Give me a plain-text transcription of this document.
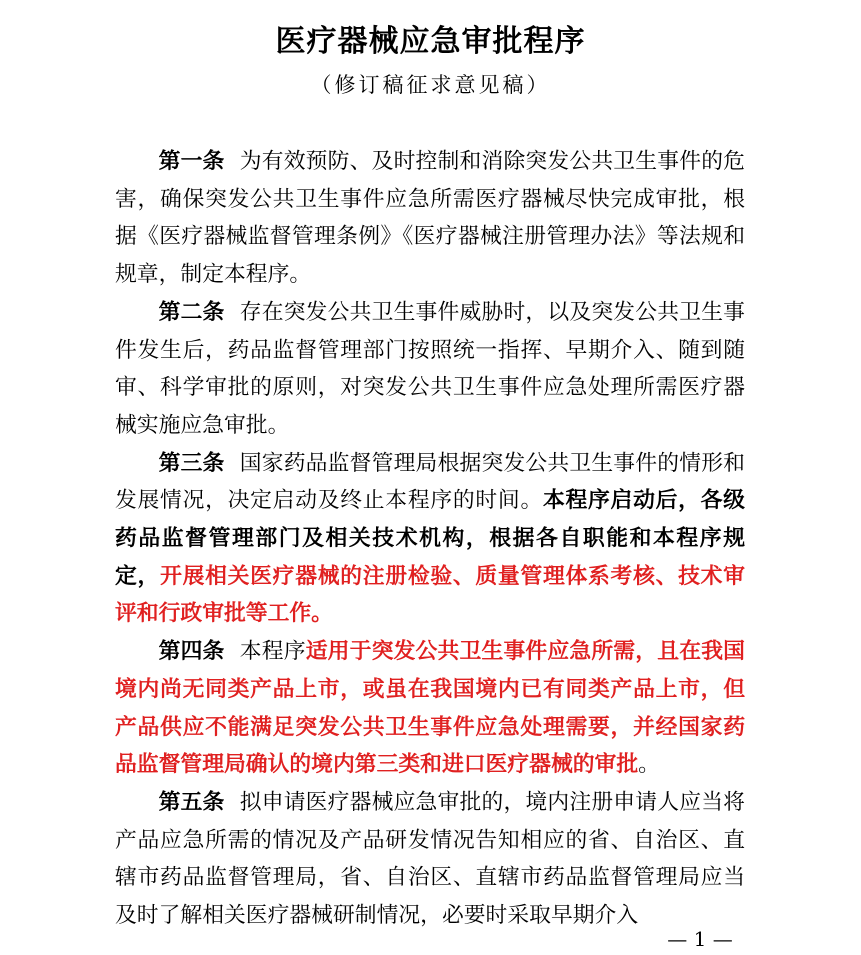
医疗器械应急审批程序
（修订稿征求意见稿）

第一条 为有效预防、及时控制和消除突发公共卫生事件的危害，确保突发公共卫生事件应急所需医疗器械尽快完成审批，根据《医疗器械监督管理条例》《医疗器械注册管理办法》等法规和规章，制定本程序。

第二条 存在突发公共卫生事件威胁时，以及突发公共卫生事件发生后，药品监督管理部门按照统一指挥、早期介入、随到随审、科学审批的原则，对突发公共卫生事件应急处理所需医疗器械实施应急审批。

第三条 国家药品监督管理局根据突发公共卫生事件的情形和发展情况，决定启动及终止本程序的时间。本程序启动后，各级药品监督管理部门及相关技术机构，根据各自职能和本程序规定，开展相关医疗器械的注册检验、质量管理体系考核、技术审评和行政审批等工作。

第四条 本程序适用于突发公共卫生事件应急所需，且在我国境内尚无同类产品上市，或虽在我国境内已有同类产品上市，但产品供应不能满足突发公共卫生事件应急处理需要，并经国家药品监督管理局确认的境内第三类和进口医疗器械的审批。

第五条 拟申请医疗器械应急审批的，境内注册申请人应当将产品应急所需的情况及产品研发情况告知相应的省、自治区、直辖市药品监督管理局，省、自治区、直辖市药品监督管理局应当及时了解相关医疗器械研制情况，必要时采取早期介入

— 1 —
